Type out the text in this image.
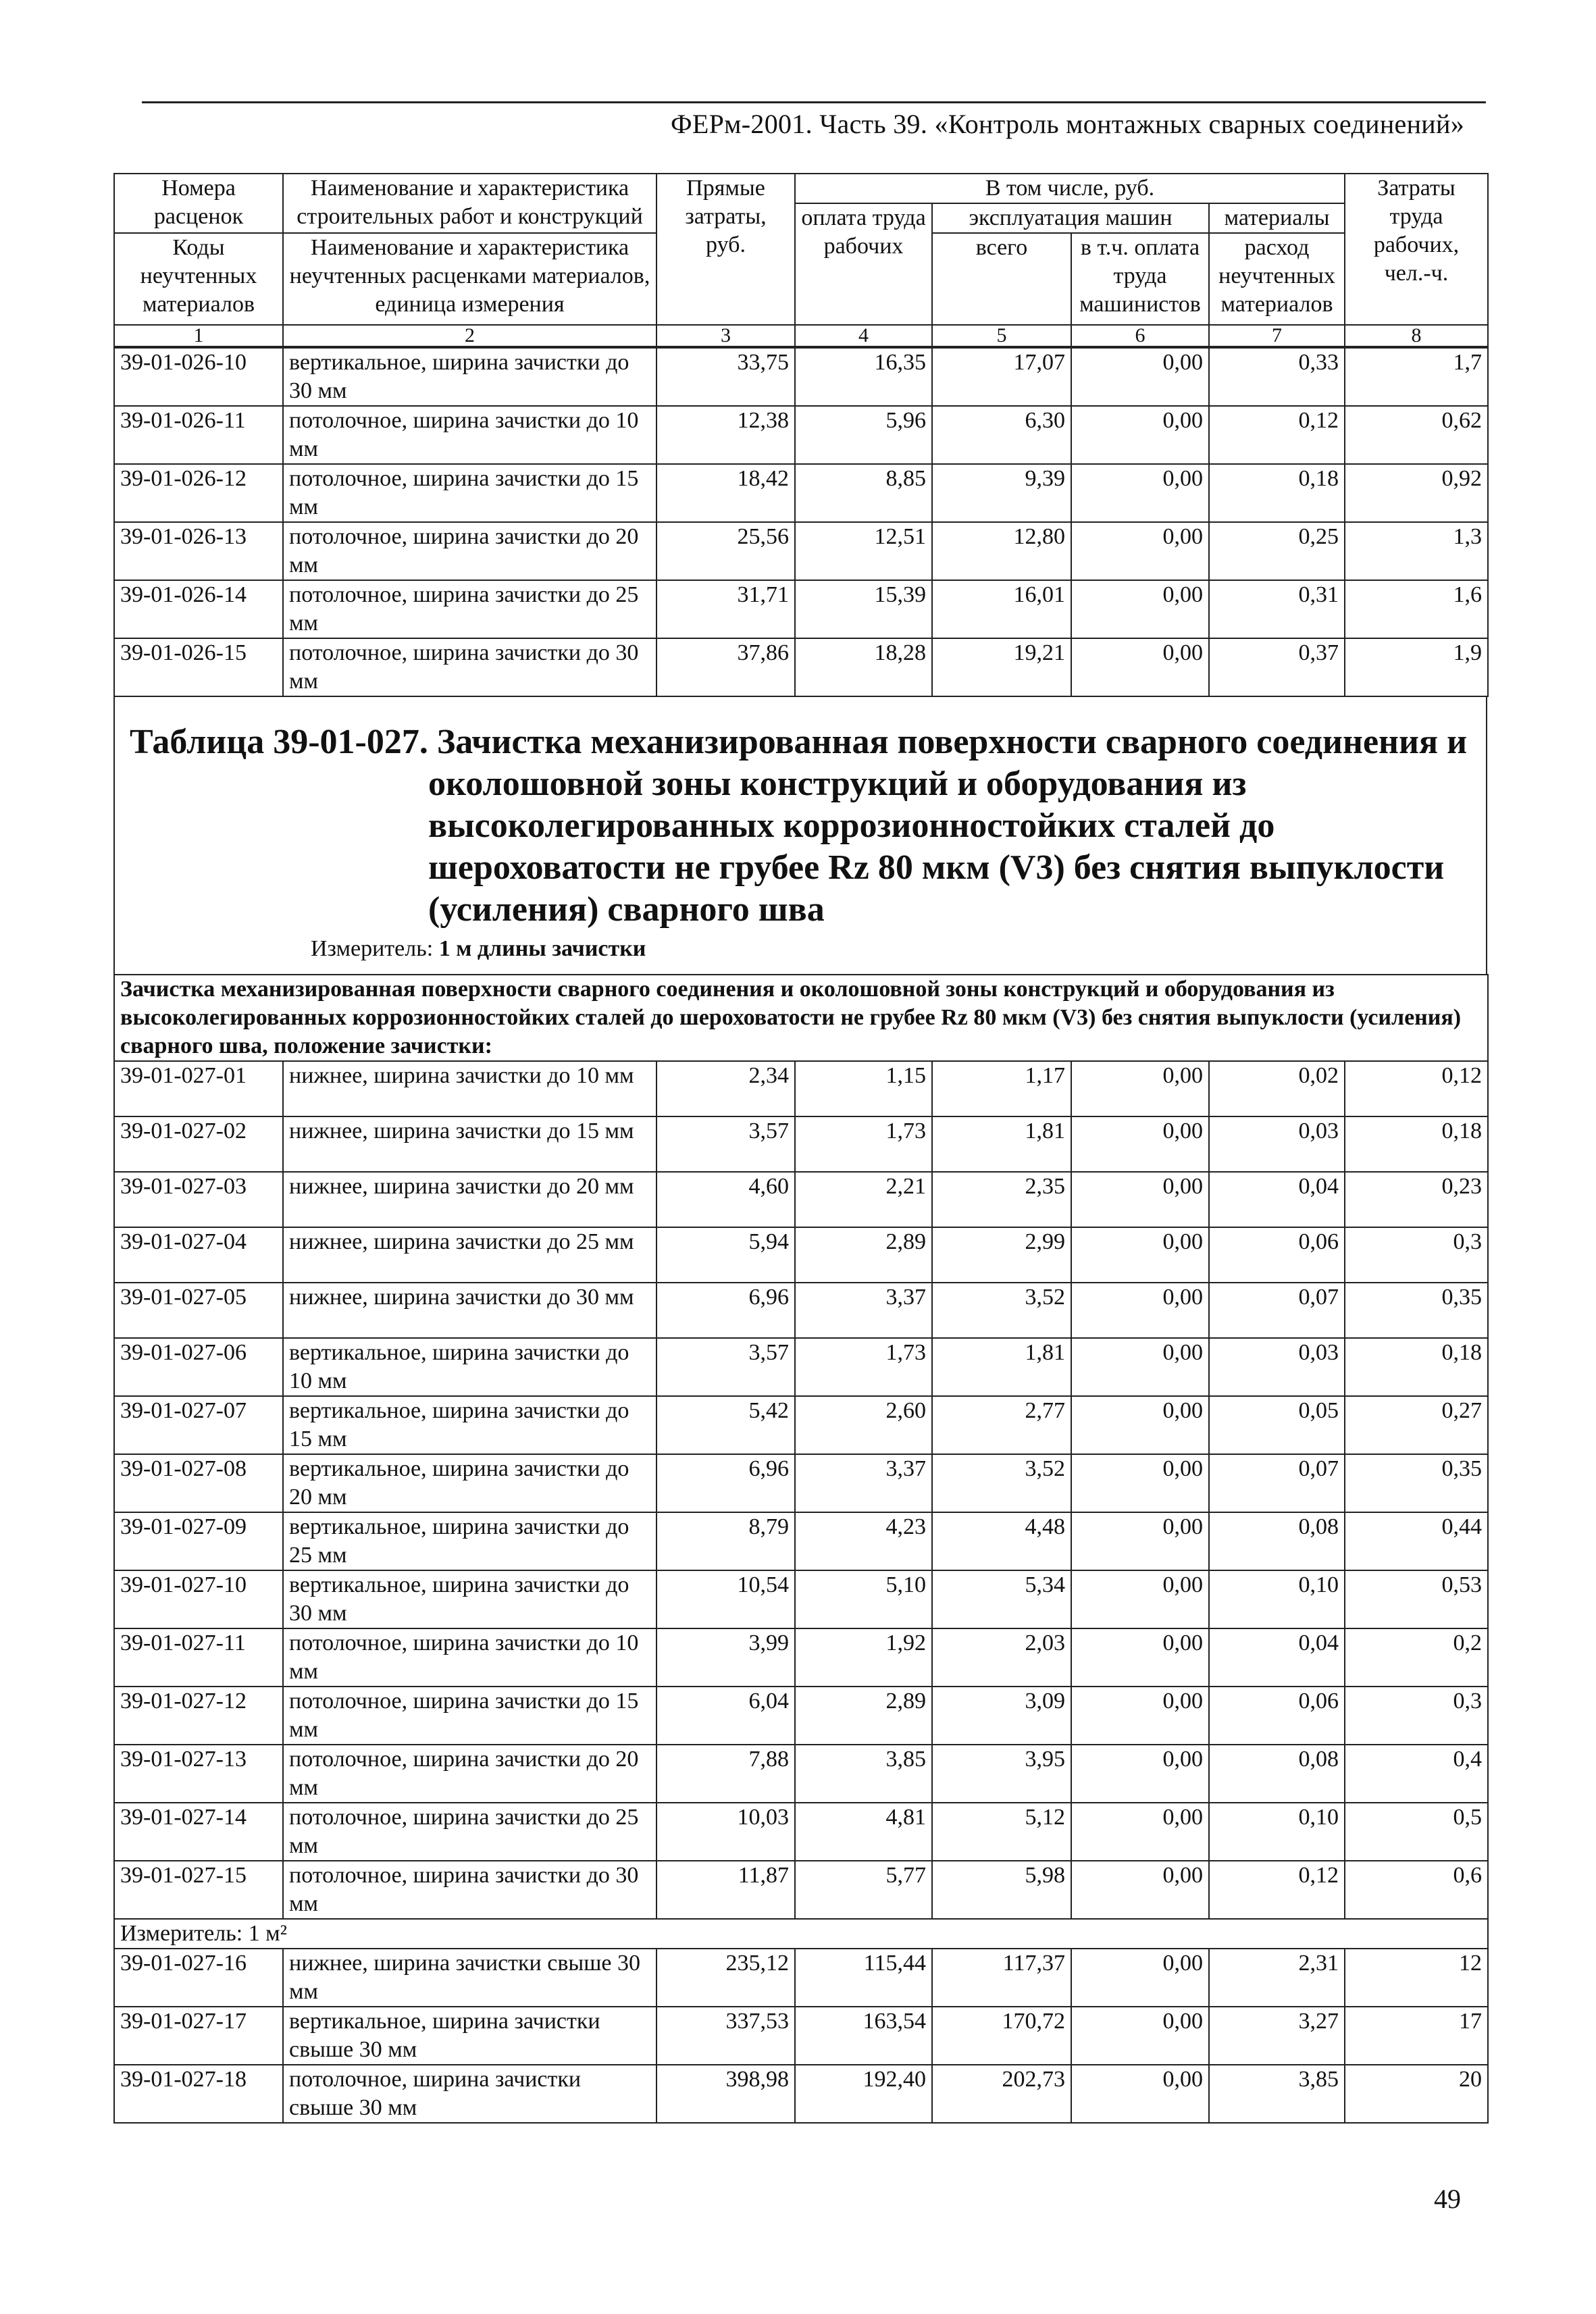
ФЕРм-2001. Часть 39. «Контроль монтажных сварных соединений»
Номера расценок	Наименование и характеристика строительных работ и конструкций	Прямые затраты, руб.	В том числе, руб.				Затраты труда рабочих, чел.-ч.
			оплата труда рабочих	эксплуатация машин		материалы	
Коды неучтенных материалов	Наименование и характеристика неучтенных расценками материалов, единица измерения			всего	в т.ч. оплата труда машинистов	расход неучтенных материалов	

1	2	3	4	5	6	7	8
39-01-026-10	вертикальное, ширина зачистки до 30 мм	33,75	16,35	17,07	0,00	0,33	1,7
39-01-026-11	потолочное, ширина зачистки до 10 мм	12,38	5,96	6,30	0,00	0,12	0,62
39-01-026-12	потолочное, ширина зачистки до 15 мм	18,42	8,85	9,39	0,00	0,18	0,92
39-01-026-13	потолочное, ширина зачистки до 20 мм	25,56	12,51	12,80	0,00	0,25	1,3
39-01-026-14	потолочное, ширина зачистки до 25 мм	31,71	15,39	16,01	0,00	0,31	1,6
39-01-026-15	потолочное, ширина зачистки до 30 мм	37,86	18,28	19,21	0,00	0,37	1,9
Таблица 39-01-027. Зачистка механизированная поверхности сварного соединения и
околошовной зоны конструкций и оборудования из высоколегированных коррозионностойких сталей до шероховатости не грубее Rz 80 мкм (V3) без снятия выпуклости (усиления) сварного шва
Измеритель: 1 м длины зачистки
Зачистка механизированная поверхности сварного соединения и околошовной зоны конструкций и оборудования из высоколегированных коррозионностойких сталей до шероховатости не грубее Rz 80 мкм (V3) без снятия выпуклости (усиления) сварного шва, положение зачистки:							
39-01-027-01	нижнее, ширина зачистки до 10 мм	2,34	1,15	1,17	0,00	0,02	0,12
39-01-027-02	нижнее, ширина зачистки до 15 мм	3,57	1,73	1,81	0,00	0,03	0,18
39-01-027-03	нижнее, ширина зачистки до 20 мм	4,60	2,21	2,35	0,00	0,04	0,23
39-01-027-04	нижнее, ширина зачистки до 25 мм	5,94	2,89	2,99	0,00	0,06	0,3
39-01-027-05	нижнее, ширина зачистки до 30 мм	6,96	3,37	3,52	0,00	0,07	0,35
39-01-027-06	вертикальное, ширина зачистки до 10 мм	3,57	1,73	1,81	0,00	0,03	0,18
39-01-027-07	вертикальное, ширина зачистки до 15 мм	5,42	2,60	2,77	0,00	0,05	0,27
39-01-027-08	вертикальное, ширина зачистки до 20 мм	6,96	3,37	3,52	0,00	0,07	0,35
39-01-027-09	вертикальное, ширина зачистки до 25 мм	8,79	4,23	4,48	0,00	0,08	0,44
39-01-027-10	вертикальное, ширина зачистки до 30 мм	10,54	5,10	5,34	0,00	0,10	0,53
39-01-027-11	потолочное, ширина зачистки до 10 мм	3,99	1,92	2,03	0,00	0,04	0,2
39-01-027-12	потолочное, ширина зачистки до 15 мм	6,04	2,89	3,09	0,00	0,06	0,3
39-01-027-13	потолочное, ширина зачистки до 20 мм	7,88	3,85	3,95	0,00	0,08	0,4
39-01-027-14	потолочное, ширина зачистки до 25 мм	10,03	4,81	5,12	0,00	0,10	0,5
39-01-027-15	потолочное, ширина зачистки до 30 мм	11,87	5,77	5,98	0,00	0,12	0,6
Измеритель: 1 м²							
39-01-027-16	нижнее, ширина зачистки свыше 30 мм	235,12	115,44	117,37	0,00	2,31	12
39-01-027-17	вертикальное, ширина зачистки свыше 30 мм	337,53	163,54	170,72	0,00	3,27	17
39-01-027-18	потолочное, ширина зачистки свыше 30 мм	398,98	192,40	202,73	0,00	3,85	20
49
